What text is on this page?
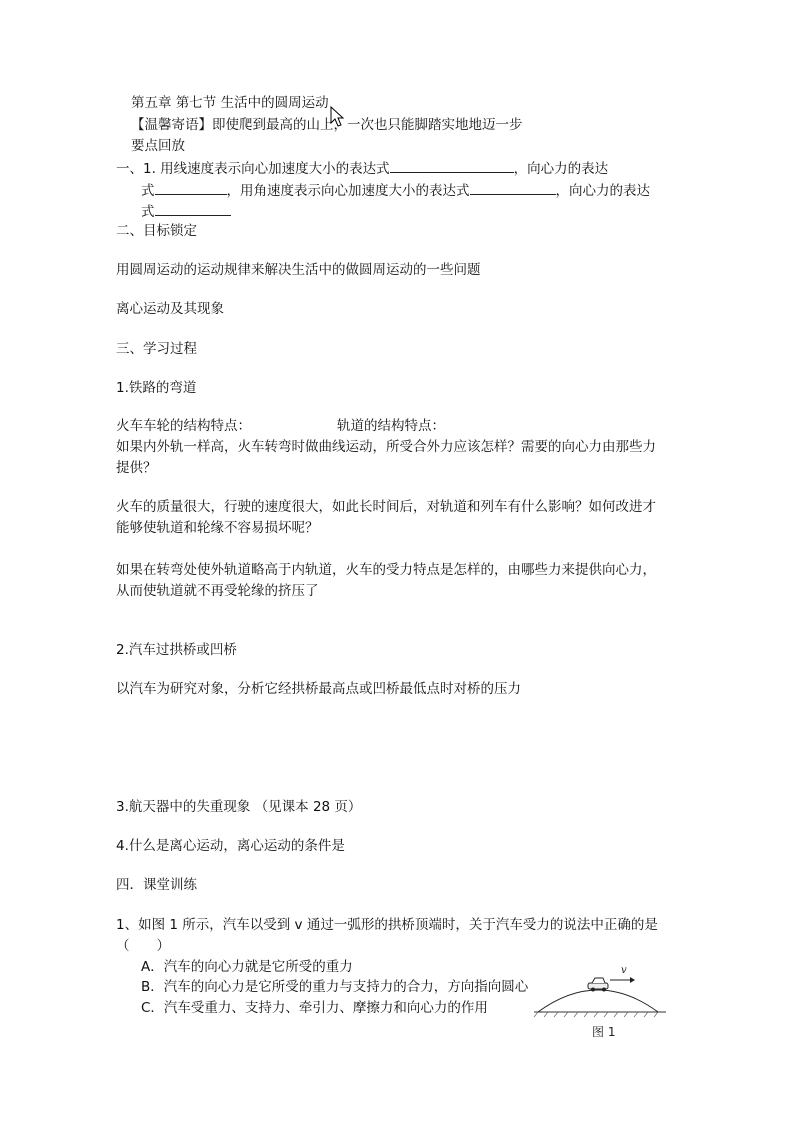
第五章 第七节 生活中的圆周运动
【温馨寄语】即使爬到最高的山上，一次也只能脚踏实地地迈一步
要点回放
一、1. 用线速度表示向心加速度大小的表达式	，向心力的表达
式	，用角速度表示向心加速度大小的表达式	，向心力的表达
式
二、目标锁定
用圆周运动的运动规律来解决生活中的做圆周运动的一些问题
离心运动及其现象
三、学习过程
1.铁路的弯道
火车车轮的结构特点：	轨道的结构特点：
如果内外轨一样高，火车转弯时做曲线运动，所受合外力应该怎样？需要的向心力由那些力
提供？
火车的质量很大，行驶的速度很大，如此长时间后，对轨道和列车有什么影响？如何改进才
能够使轨道和轮缘不容易损坏呢？
如果在转弯处使外轨道略高于内轨道，火车的受力特点是怎样的，由哪些力来提供向心力，
从而使轨道就不再受轮缘的挤压了
2.汽车过拱桥或凹桥
以汽车为研究对象，分析它经拱桥最高点或凹桥最低点时对桥的压力
3.航天器中的失重现象 （见课本 28 页）
4.什么是离心运动，离心运动的条件是
四．课堂训练
1、如图 1 所示，汽车以受到 v 通过一弧形的拱桥顶端时，关于汽车受力的说法中正确的是
（　　）
A．汽车的向心力就是它所受的重力
B．汽车的向心力是它所受的重力与支持力的合力，方向指向圆心
C．汽车受重力、支持力、牵引力、摩擦力和向心力的作用
v
图 1
